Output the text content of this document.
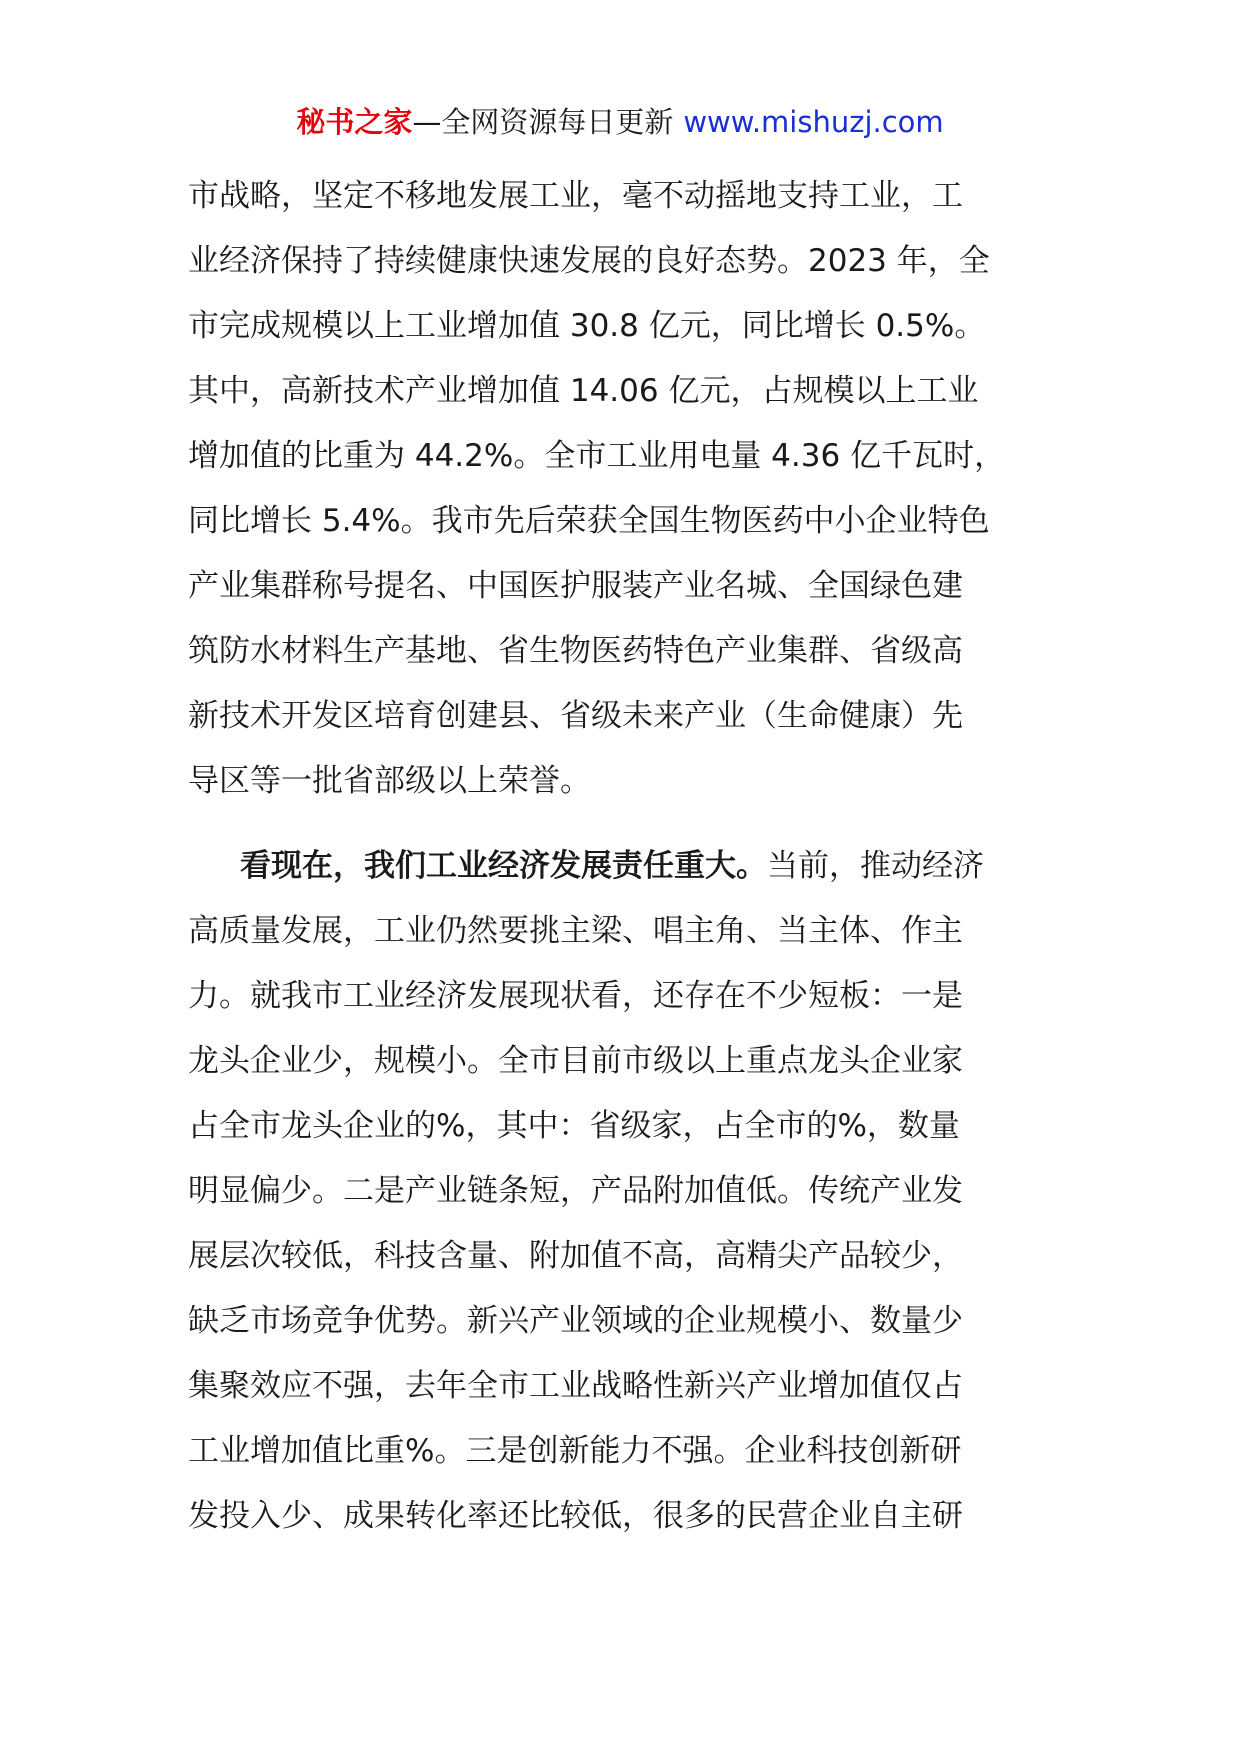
秘书之家—全网资源每日更新 www.mishuzj.com
市战略，坚定不移地发展工业，毫不动摇地支持工业，工
业经济保持了持续健康快速发展的良好态势。2023 年，全
市完成规模以上工业增加值 30.8 亿元，同比增长 0.5%。
其中，高新技术产业增加值 14.06 亿元，占规模以上工业
增加值的比重为 44.2%。全市工业用电量 4.36 亿千瓦时，
同比增长 5.4%。我市先后荣获全国生物医药中小企业特色
产业集群称号提名、中国医护服装产业名城、全国绿色建
筑防水材料生产基地、省生物医药特色产业集群、省级高
新技术开发区培育创建县、省级未来产业（生命健康）先
导区等一批省部级以上荣誉。
看现在，我们工业经济发展责任重大。当前，推动经济
高质量发展，工业仍然要挑主梁、唱主角、当主体、作主
力。就我市工业经济发展现状看，还存在不少短板：一是
龙头企业少，规模小。全市目前市级以上重点龙头企业家
占全市龙头企业的%，其中：省级家，占全市的%，数量
明显偏少。二是产业链条短，产品附加值低。传统产业发
展层次较低，科技含量、附加值不高，高精尖产品较少，
缺乏市场竞争优势。新兴产业领域的企业规模小、数量少
集聚效应不强，去年全市工业战略性新兴产业增加值仅占
工业增加值比重%。三是创新能力不强。企业科技创新研
发投入少、成果转化率还比较低，很多的民营企业自主研
